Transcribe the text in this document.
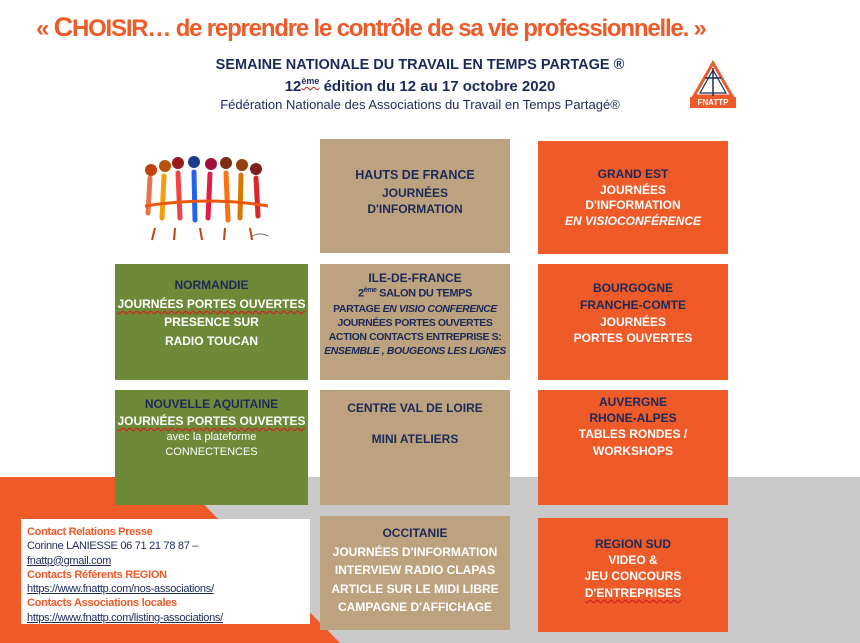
« CHOISIR… de reprendre le contrôle de sa vie professionnelle. »
SEMAINE NATIONALE DU TRAVAIL EN TEMPS PARTAGE ®
12ème édition du 12 au 17 octobre 2020
Fédération Nationale des Associations du Travail en Temps Partagé®	FNATTP
HAUTS DE FRANCE
JOURNÉES
D'INFORMATION
ILE-DE-FRANCE
2ème SALON DU TEMPS
PARTAGE EN VISIO CONFERENCE
JOURNÉES PORTES OUVERTES
ACTION CONTACTS ENTREPRISE S:
ENSEMBLE , BOUGEONS LES LIGNES
CENTRE VAL DE LOIRE
MINI ATELIERS
OCCITANIE
JOURNÉES D'INFORMATION
INTERVIEW RADIO CLAPAS
ARTICLE SUR LE MIDI LIBRE
CAMPAGNE D'AFFICHAGE
NORMANDIE
JOURNÉES PORTES OUVERTES
PRESENCE SUR
RADIO TOUCAN
NOUVELLE AQUITAINE
JOURNÉES PORTES OUVERTES
avec la plateforme
CONNECTENCES
GRAND EST
JOURNÉES
D'INFORMATION
EN VISIOCONFÉRENCE
BOURGOGNE
FRANCHE-COMTE
JOURNÉES
PORTES OUVERTES
AUVERGNE
RHONE-ALPES
TABLES RONDES /
WORKSHOPS
REGION SUD
VIDEO &
JEU CONCOURS
D'ENTREPRISES
Contact Relations Presse
Corinne LANIESSE 06 71 21 78 87 –
fnattp@gmail.com
Contacts Référents REGION
https://www.fnattp.com/nos-associations/
Contacts Associations locales
https://www.fnattp.com/listing-associations/
